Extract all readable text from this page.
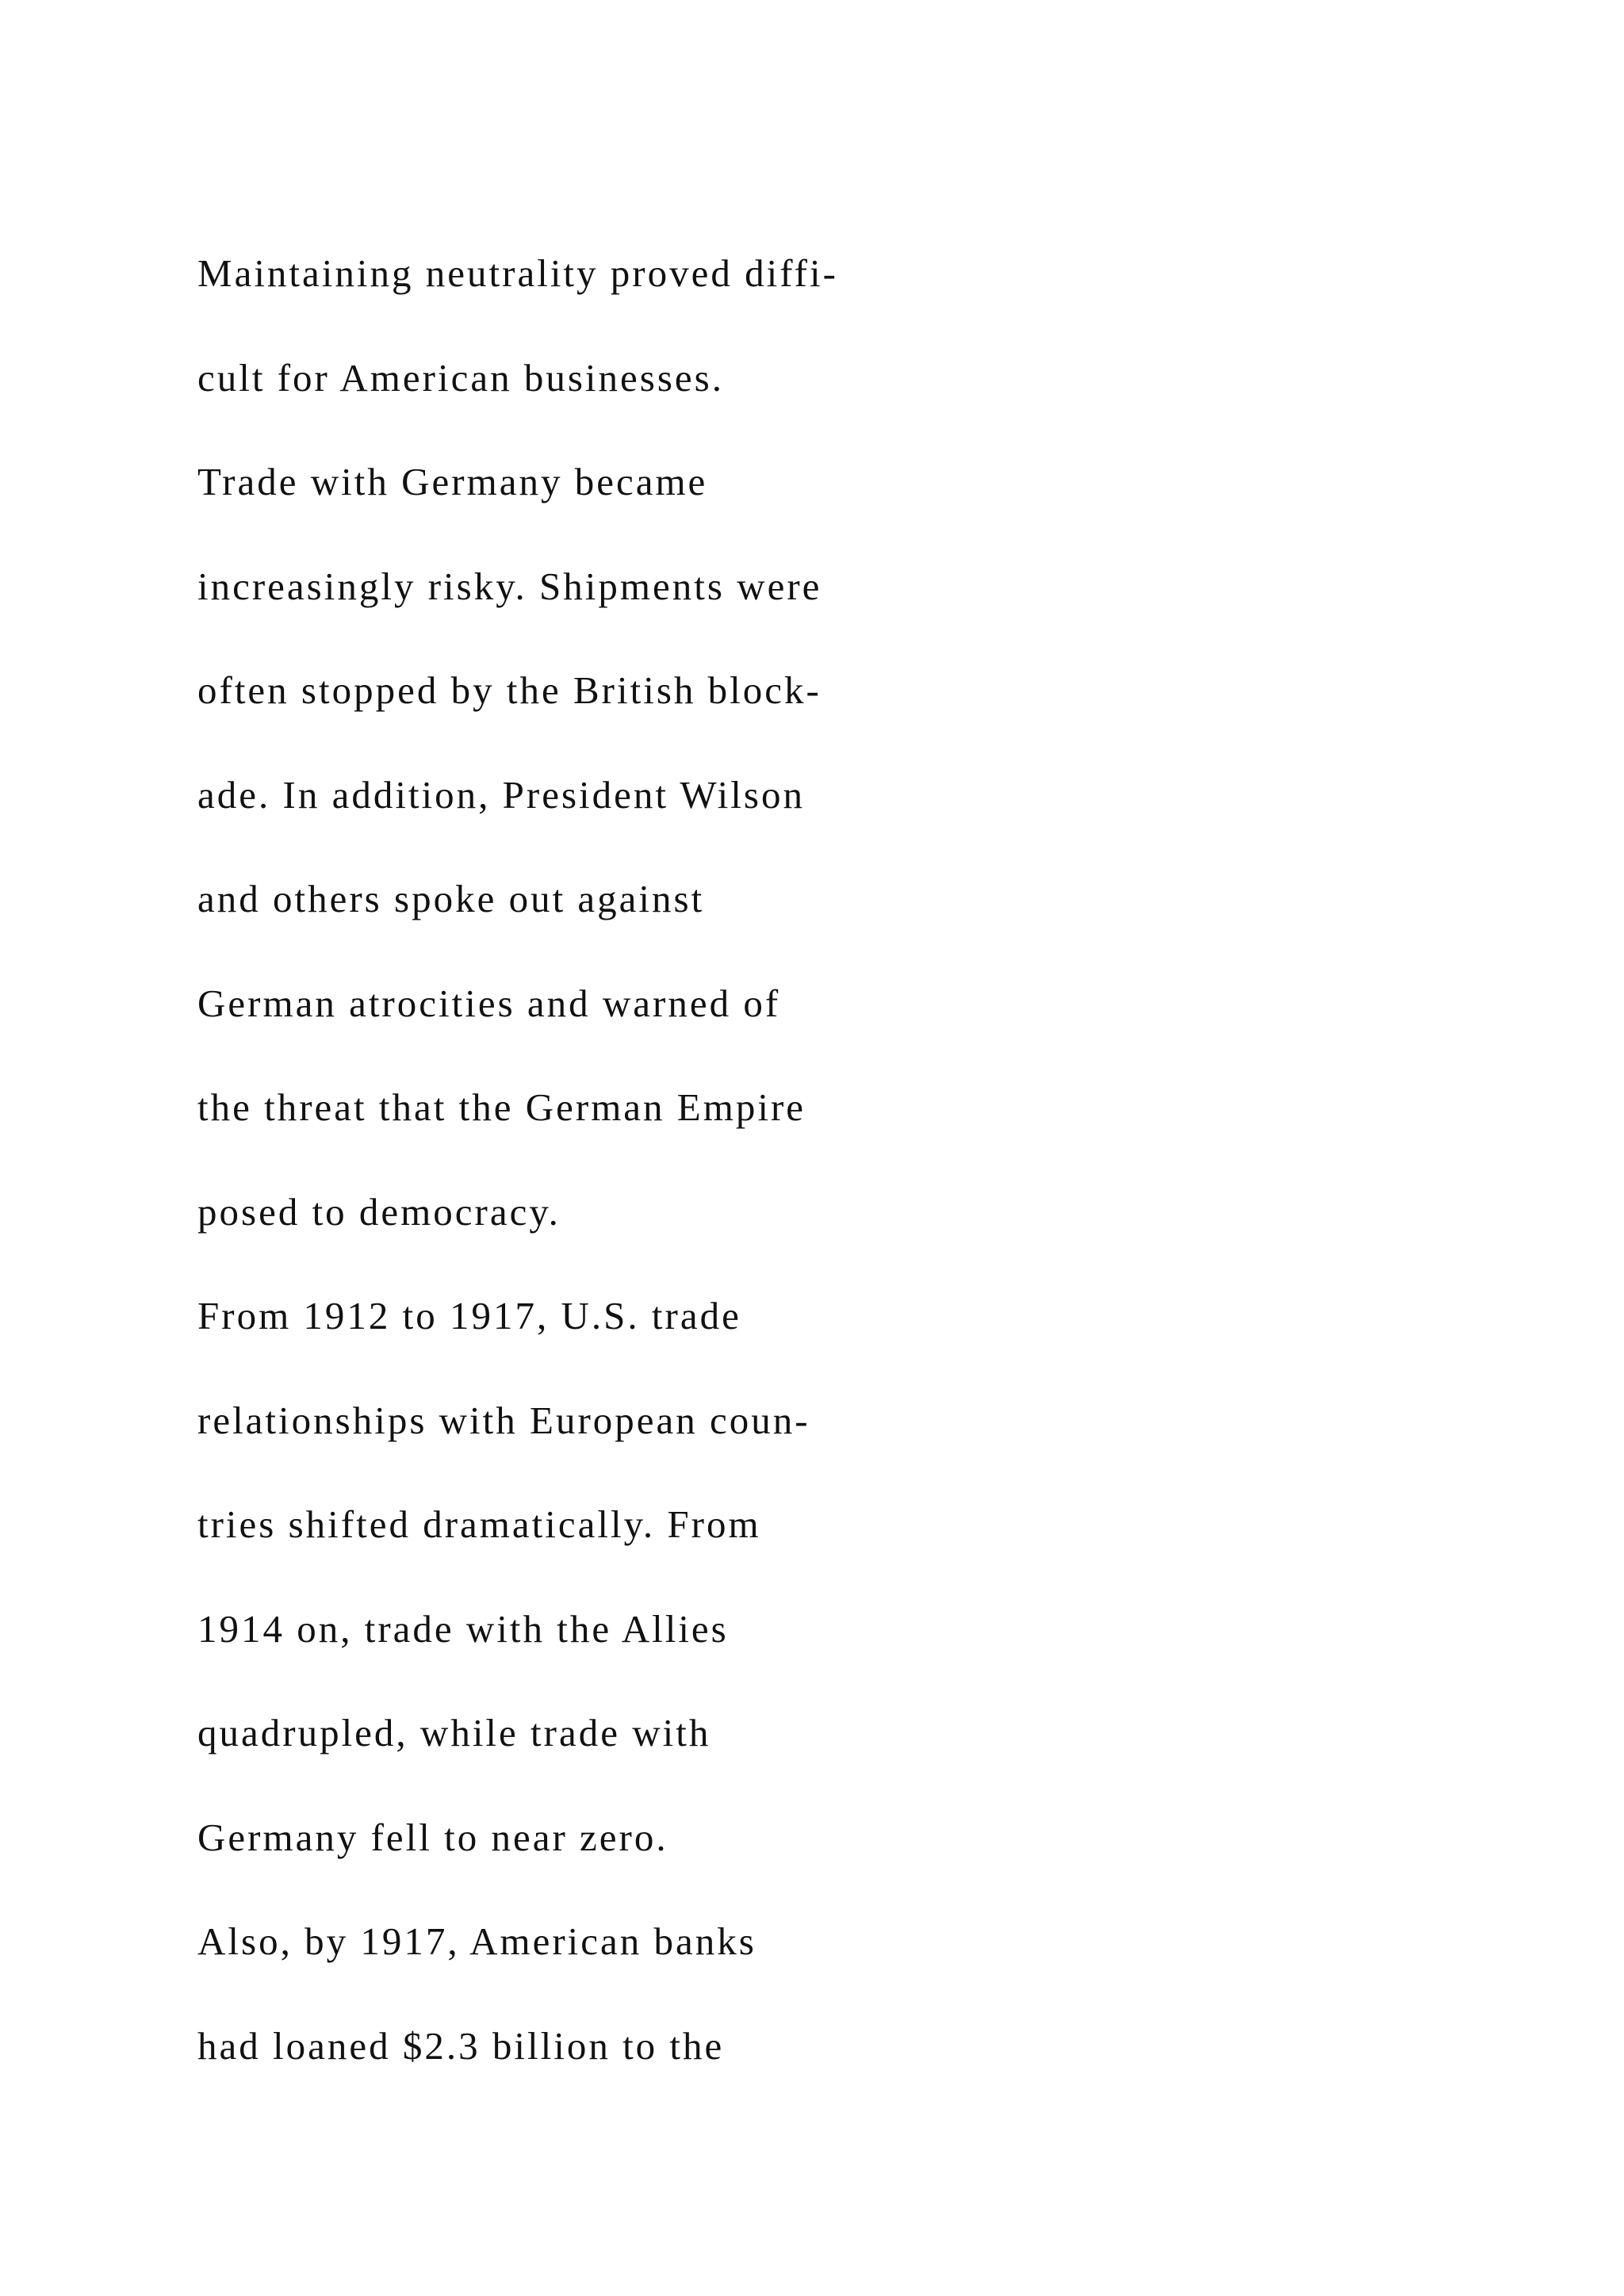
Maintaining neutrality proved diffi-
cult for American businesses.
Trade with Germany became
increasingly risky. Shipments were
often stopped by the British block-
ade. In addition, President Wilson
and others spoke out against
German atrocities and warned of
the threat that the German Empire
posed to democracy.
From 1912 to 1917, U.S. trade
relationships with European coun-
tries shifted dramatically. From
1914 on, trade with the Allies
quadrupled, while trade with
Germany fell to near zero.
Also, by 1917, American banks
had loaned $2.3 billion to the
